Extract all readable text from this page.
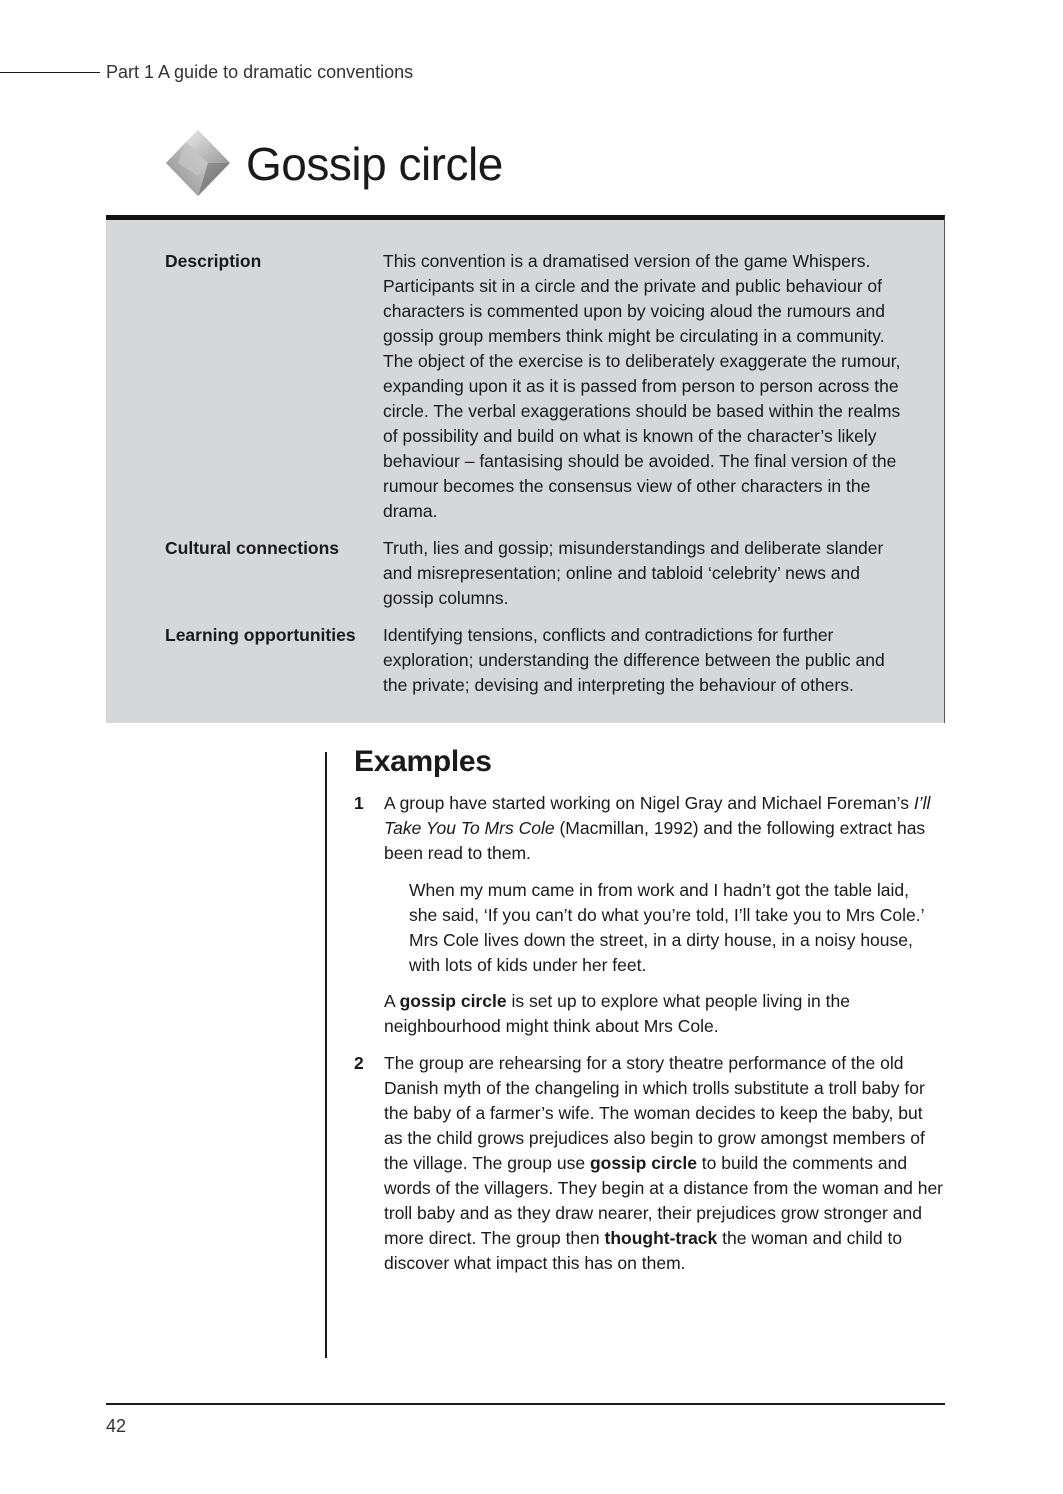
Part 1 A guide to dramatic conventions
Gossip circle
Description	This convention is a dramatised version of the game Whispers. Participants sit in a circle and the private and public behaviour of characters is commented upon by voicing aloud the rumours and gossip group members think might be circulating in a community. The object of the exercise is to deliberately exaggerate the rumour, expanding upon it as it is passed from person to person across the circle. The verbal exaggerations should be based within the realms of possibility and build on what is known of the character’s likely behaviour – fantasising should be avoided. The final version of the rumour becomes the consensus view of other characters in the drama.
Cultural connections	Truth, lies and gossip; misunderstandings and deliberate slander and misrepresentation; online and tabloid ‘celebrity’ news and gossip columns.
Learning opportunities	Identifying tensions, conflicts and contradictions for further exploration; understanding the difference between the public and the private; devising and interpreting the behaviour of others.
Examples
1 A group have started working on Nigel Gray and Michael Foreman’s I’ll Take You To Mrs Cole (Macmillan, 1992) and the following extract has been read to them.

When my mum came in from work and I hadn’t got the table laid, she said, ‘If you can’t do what you’re told, I’ll take you to Mrs Cole.’ Mrs Cole lives down the street, in a dirty house, in a noisy house, with lots of kids under her feet.

A gossip circle is set up to explore what people living in the neighbourhood might think about Mrs Cole.

2 The group are rehearsing for a story theatre performance of the old Danish myth of the changeling in which trolls substitute a troll baby for the baby of a farmer’s wife. The woman decides to keep the baby, but as the child grows prejudices also begin to grow amongst members of the village. The group use gossip circle to build the comments and words of the villagers. They begin at a distance from the woman and her troll baby and as they draw nearer, their prejudices grow stronger and more direct. The group then thought-track the woman and child to discover what impact this has on them.

42
